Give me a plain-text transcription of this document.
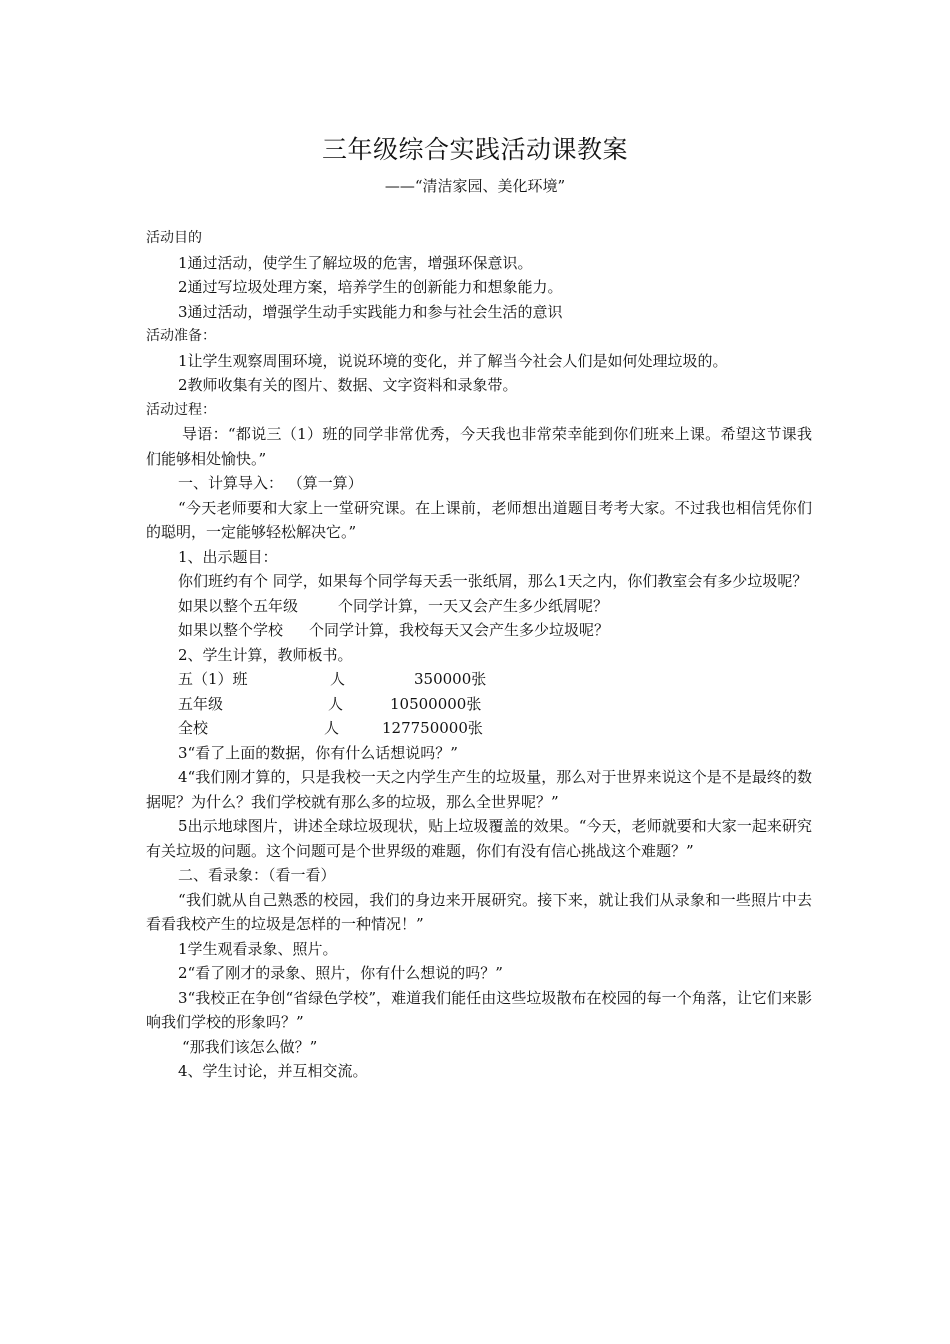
三年级综合实践活动课教案
——“清洁家园、美化环境”

活动目的

1通过活动，使学生了解垃圾的危害，增强环保意识。

2通过写垃圾处理方案，培养学生的创新能力和想象能力。

3通过活动，增强学生动手实践能力和参与社会生活的意识

活动准备：

1让学生观察周围环境，说说环境的变化，并了解当今社会人们是如何处理垃圾的。

2教师收集有关的图片、数据、文字资料和录象带。

活动过程：

导语：“都说三（1）班的同学非常优秀，今天我也非常荣幸能到你们班来上课。希望这节课我们能够相处愉快。”

一、计算导入： （算一算）

“今天老师要和大家上一堂研究课。在上课前，老师想出道题目考考大家。不过我也相信凭你们的聪明，一定能够轻松解决它。”

1、出示题目：

你们班约有个 同学，如果每个同学每天丢一张纸屑，那么1天之内，你们教室会有多少垃圾呢？

如果以整个五年级	个同学计算，一天又会产生多少纸屑呢？

如果以整个学校 个同学计算，我校每天又会产生多少垃圾呢？

2、学生计算，教师板书。

五（1）班	人	350000张
五年级	人	10500000张
全校	人	127750000张

3“看了上面的数据，你有什么话想说吗？”

4“我们刚才算的，只是我校一天之内学生产生的垃圾量，那么对于世界来说这个是不是最终的数据呢？为什么？我们学校就有那么多的垃圾，那么全世界呢？”

5出示地球图片，讲述全球垃圾现状，贴上垃圾覆盖的效果。“今天，老师就要和大家一起来研究有关垃圾的问题。这个问题可是个世界级的难题，你们有没有信心挑战这个难题？”

二、看录象：（看一看）

“我们就从自己熟悉的校园，我们的身边来开展研究。接下来，就让我们从录象和一些照片中去看看我校产生的垃圾是怎样的一种情况！”

1学生观看录象、照片。

2“看了刚才的录象、照片，你有什么想说的吗？”

3“我校正在争创“省绿色学校”，难道我们能任由这些垃圾散布在校园的每一个角落，让它们来影响我们学校的形象吗？”

“那我们该怎么做？”

4、学生讨论，并互相交流。
